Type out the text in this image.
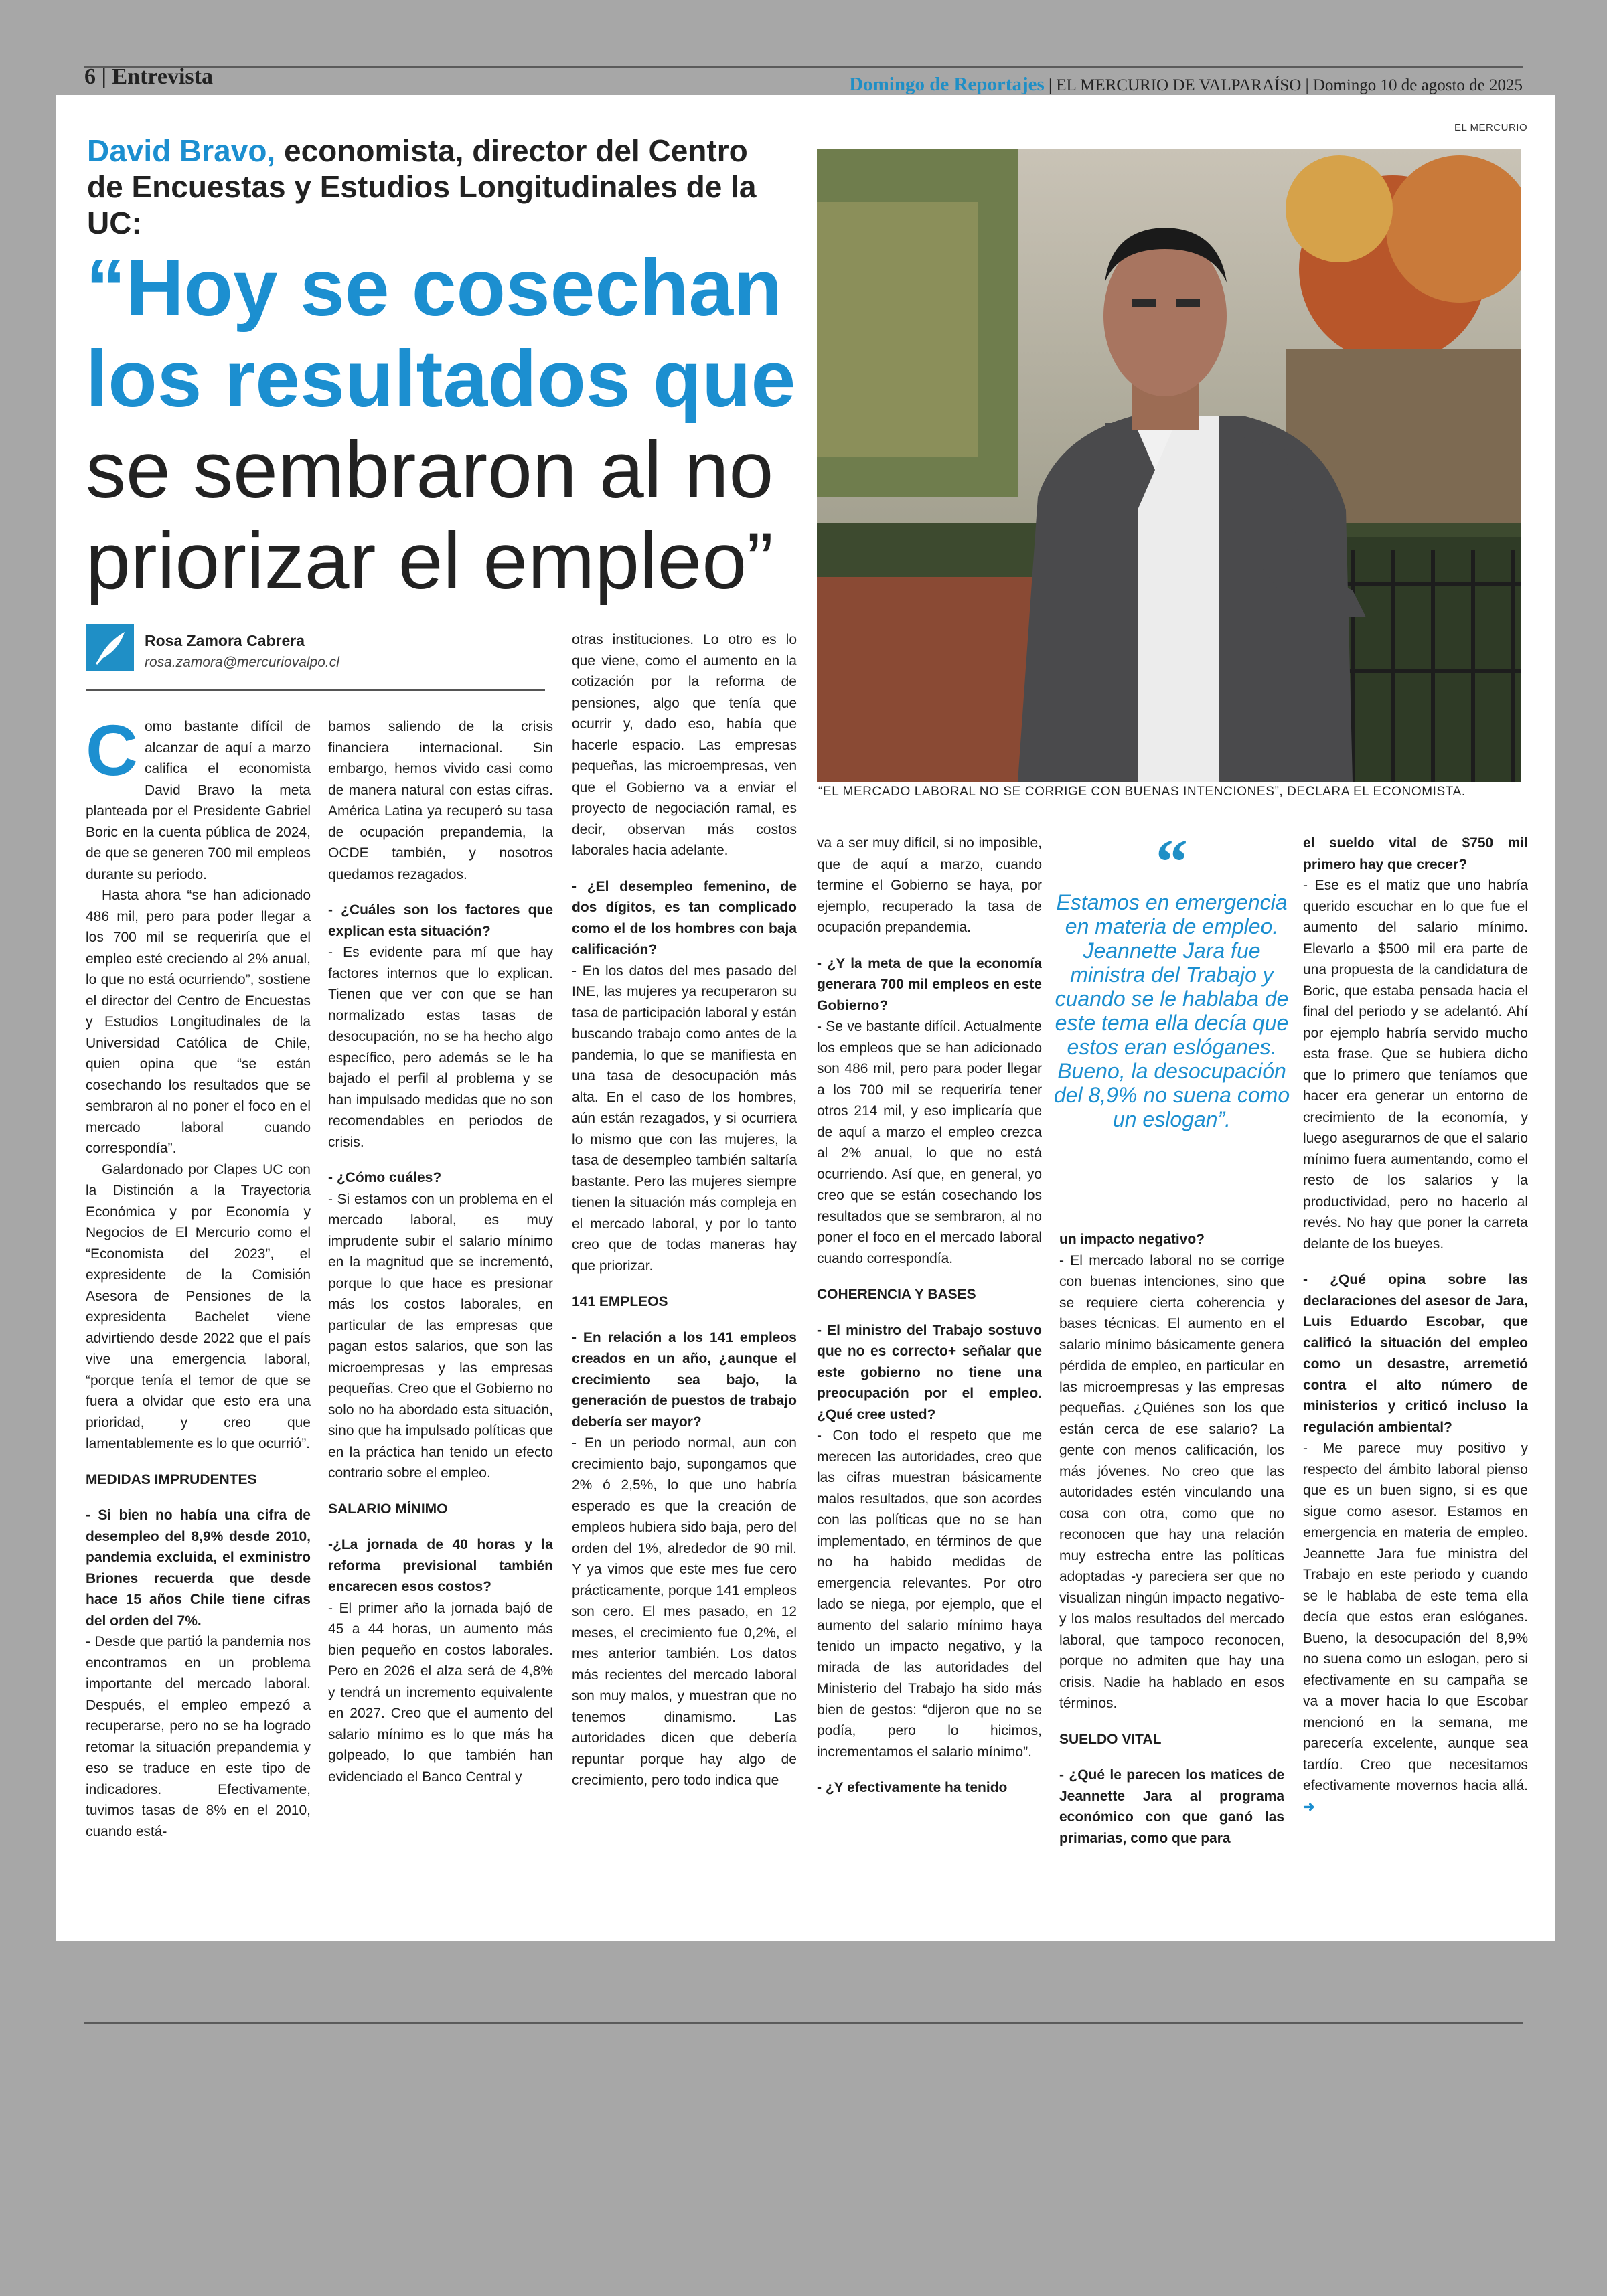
6 | Entrevista	Domingo de Reportajes | EL MERCURIO DE VALPARAÍSO | Domingo 10 de agosto de 2025
EL MERCURIO
David Bravo, economista, director del Centro
de Encuestas y Estudios Longitudinales de la UC:
“Hoy se cosechan
los resultados que
se sembraron al no
priorizar el empleo”
Rosa Zamora Cabrera
rosa.zamora@mercuriovalpo.cl
“EL MERCADO LABORAL NO SE CORRIGE CON BUENAS INTENCIONES”, DECLARA EL ECONOMISTA.

Como bastante difícil de alcanzar de aquí a marzo califica el economista David Bravo la meta planteada por el Presidente Gabriel Boric en la cuenta pública de 2024, de que se generen 700 mil empleos durante su periodo.

Hasta ahora “se han adicionado 486 mil, pero para poder llegar a los 700 mil se requeriría que el empleo esté creciendo al 2% anual, lo que no está ocurriendo”, sostiene el director del Centro de Encuestas y Estudios Longitudinales de la Universidad Católica de Chile, quien opina que “se están cosechando los resultados que se sembraron al no poner el foco en el mercado laboral cuando correspondía”.

Galardonado por Clapes UC con la Distinción a la Trayectoria Económica y por Economía y Negocios de El Mercurio como el “Economista del 2023”, el expresidente de la Comisión Asesora de Pensiones de la expresidenta Bachelet viene advirtiendo desde 2022 que el país vive una emergencia laboral, “porque tenía el temor de que se fuera a olvidar que esto era una prioridad, y creo que lamentablemente es lo que ocurrió”.

MEDIDAS IMPRUDENTES

- Si bien no había una cifra de desempleo del 8,9% desde 2010, pandemia excluida, el exministro Briones recuerda que desde hace 15 años Chile tiene cifras del orden del 7%.

- Desde que partió la pandemia nos encontramos en un problema importante del mercado laboral. Después, el empleo empezó a recuperarse, pero no se ha logrado retomar la situación prepandemia y eso se traduce en este tipo de indicadores. Efectivamente, tuvimos tasas de 8% en el 2010, cuando está-

bamos saliendo de la crisis financiera internacional. Sin embargo, hemos vivido casi como de manera natural con estas cifras. América Latina ya recuperó su tasa de ocupación prepandemia, la OCDE también, y nosotros quedamos rezagados.

- ¿Cuáles son los factores que explican esta situación?

- Es evidente para mí que hay factores internos que lo explican. Tienen que ver con que se han normalizado estas tasas de desocupación, no se ha hecho algo específico, pero además se le ha bajado el perfil al problema y se han impulsado medidas que no son recomendables en periodos de crisis.

- ¿Cómo cuáles?

- Si estamos con un problema en el mercado laboral, es muy imprudente subir el salario mínimo en la magnitud que se incrementó, porque lo que hace es presionar más los costos laborales, en particular de las empresas que pagan estos salarios, que son las microempresas y las empresas pequeñas. Creo que el Gobierno no solo no ha abordado esta situación, sino que ha impulsado políticas que en la práctica han tenido un efecto contrario sobre el empleo.

SALARIO MÍNIMO

-¿La jornada de 40 horas y la reforma previsional también encarecen esos costos?

- El primer año la jornada bajó de 45 a 44 horas, un aumento más bien pequeño en costos laborales. Pero en 2026 el alza será de 4,8% y tendrá un incremento equivalente en 2027. Creo que el aumento del salario mínimo es lo que más ha golpeado, lo que también han evidenciado el Banco Central y

otras instituciones. Lo otro es lo que viene, como el aumento en la cotización por la reforma de pensiones, algo que tenía que ocurrir y, dado eso, había que hacerle espacio. Las empresas pequeñas, las microempresas, ven que el Gobierno va a enviar el proyecto de negociación ramal, es decir, observan más costos laborales hacia adelante.

- ¿El desempleo femenino, de dos dígitos, es tan complicado como el de los hombres con baja calificación?

- En los datos del mes pasado del INE, las mujeres ya recuperaron su tasa de participación laboral y están buscando trabajo como antes de la pandemia, lo que se manifiesta en una tasa de desocupación más alta. En el caso de los hombres, aún están rezagados, y si ocurriera lo mismo que con las mujeres, la tasa de desempleo también saltaría bastante. Pero las mujeres siempre tienen la situación más compleja en el mercado laboral, y por lo tanto creo que de todas maneras hay que priorizar.

141 EMPLEOS

- En relación a los 141 empleos creados en un año, ¿aunque el crecimiento sea bajo, la generación de puestos de trabajo debería ser mayor?

- En un periodo normal, aun con crecimiento bajo, supongamos que 2% ó 2,5%, lo que uno habría esperado es que la creación de empleos hubiera sido baja, pero del orden del 1%, alrededor de 90 mil. Y ya vimos que este mes fue cero prácticamente, porque 141 empleos son cero. El mes pasado, en 12 meses, el crecimiento fue 0,2%, el mes anterior también. Los datos más recientes del mercado laboral son muy malos, y muestran que no tenemos dinamismo. Las autoridades dicen que debería repuntar porque hay algo de crecimiento, pero todo indica que

va a ser muy difícil, si no imposible, que de aquí a marzo, cuando termine el Gobierno se haya, por ejemplo, recuperado la tasa de ocupación prepandemia.

- ¿Y la meta de que la economía generara 700 mil empleos en este Gobierno?

- Se ve bastante difícil. Actualmente los empleos que se han adicionado son 486 mil, pero para poder llegar a los 700 mil se requeriría tener otros 214 mil, y eso implicaría que de aquí a marzo el empleo crezca al 2% anual, lo que no está ocurriendo. Así que, en general, yo creo que se están cosechando los resultados que se sembraron, al no poner el foco en el mercado laboral cuando correspondía.

COHERENCIA Y BASES

- El ministro del Trabajo sostuvo que no es correcto+ señalar que este gobierno no tiene una preocupación por el empleo. ¿Qué cree usted?

- Con todo el respeto que me merecen las autoridades, creo que las cifras muestran básicamente malos resultados, que son acordes con las políticas que no se han implementado, en términos de que no ha habido medidas de emergencia relevantes. Por otro lado se niega, por ejemplo, que el aumento del salario mínimo haya tenido un impacto negativo, y la mirada de las autoridades del Ministerio del Trabajo ha sido más bien de gestos: “dijeron que no se podía, pero lo hicimos, incrementamos el salario mínimo”.

- ¿Y efectivamente ha tenido

“
Estamos en emergencia en materia de empleo. Jeannette Jara fue ministra del Trabajo y cuando se le hablaba de este tema ella decía que estos eran eslóganes. Bueno, la desocupación del 8,9% no suena como un eslogan”.

un impacto negativo?

- El mercado laboral no se corrige con buenas intenciones, sino que se requiere cierta coherencia y bases técnicas. El aumento en el salario mínimo básicamente genera pérdida de empleo, en particular en las microempresas y las empresas pequeñas. ¿Quiénes son los que están cerca de ese salario? La gente con menos calificación, los más jóvenes. No creo que las autoridades estén vinculando una cosa con otra, como que no reconocen que hay una relación muy estrecha entre las políticas adoptadas -y pareciera ser que no visualizan ningún impacto negativo- y los malos resultados del mercado laboral, que tampoco reconocen, porque no admiten que hay una crisis. Nadie ha hablado en esos términos.

SUELDO VITAL

- ¿Qué le parecen los matices de Jeannette Jara al programa económico con que ganó las primarias, como que para

el sueldo vital de $750 mil primero hay que crecer?

- Ese es el matiz que uno habría querido escuchar en lo que fue el aumento del salario mínimo. Elevarlo a $500 mil era parte de una propuesta de la candidatura de Boric, que estaba pensada hacia el final del periodo y se adelantó. Ahí por ejemplo habría servido mucho esta frase. Que se hubiera dicho que lo primero que teníamos que hacer era generar un entorno de crecimiento de la economía, y luego asegurarnos de que el salario mínimo fuera aumentando, como el resto de los salarios y la productividad, pero no hacerlo al revés. No hay que poner la carreta delante de los bueyes.

- ¿Qué opina sobre las declaraciones del asesor de Jara, Luis Eduardo Escobar, que calificó la situación del empleo como un desastre, arremetió contra el alto número de ministerios y criticó incluso la regulación ambiental?

- Me parece muy positivo y respecto del ámbito laboral pienso que es un buen signo, si es que sigue como asesor. Estamos en emergencia en materia de empleo. Jeannette Jara fue ministra del Trabajo en este periodo y cuando se le hablaba de este tema ella decía que estos eran eslóganes. Bueno, la desocupación del 8,9% no suena como un eslogan, pero si efectivamente en su campaña se va a mover hacia lo que Escobar mencionó en la semana, me parecería excelente, aunque sea tardío. Creo que necesitamos efectivamente movernos hacia allá. ➜
